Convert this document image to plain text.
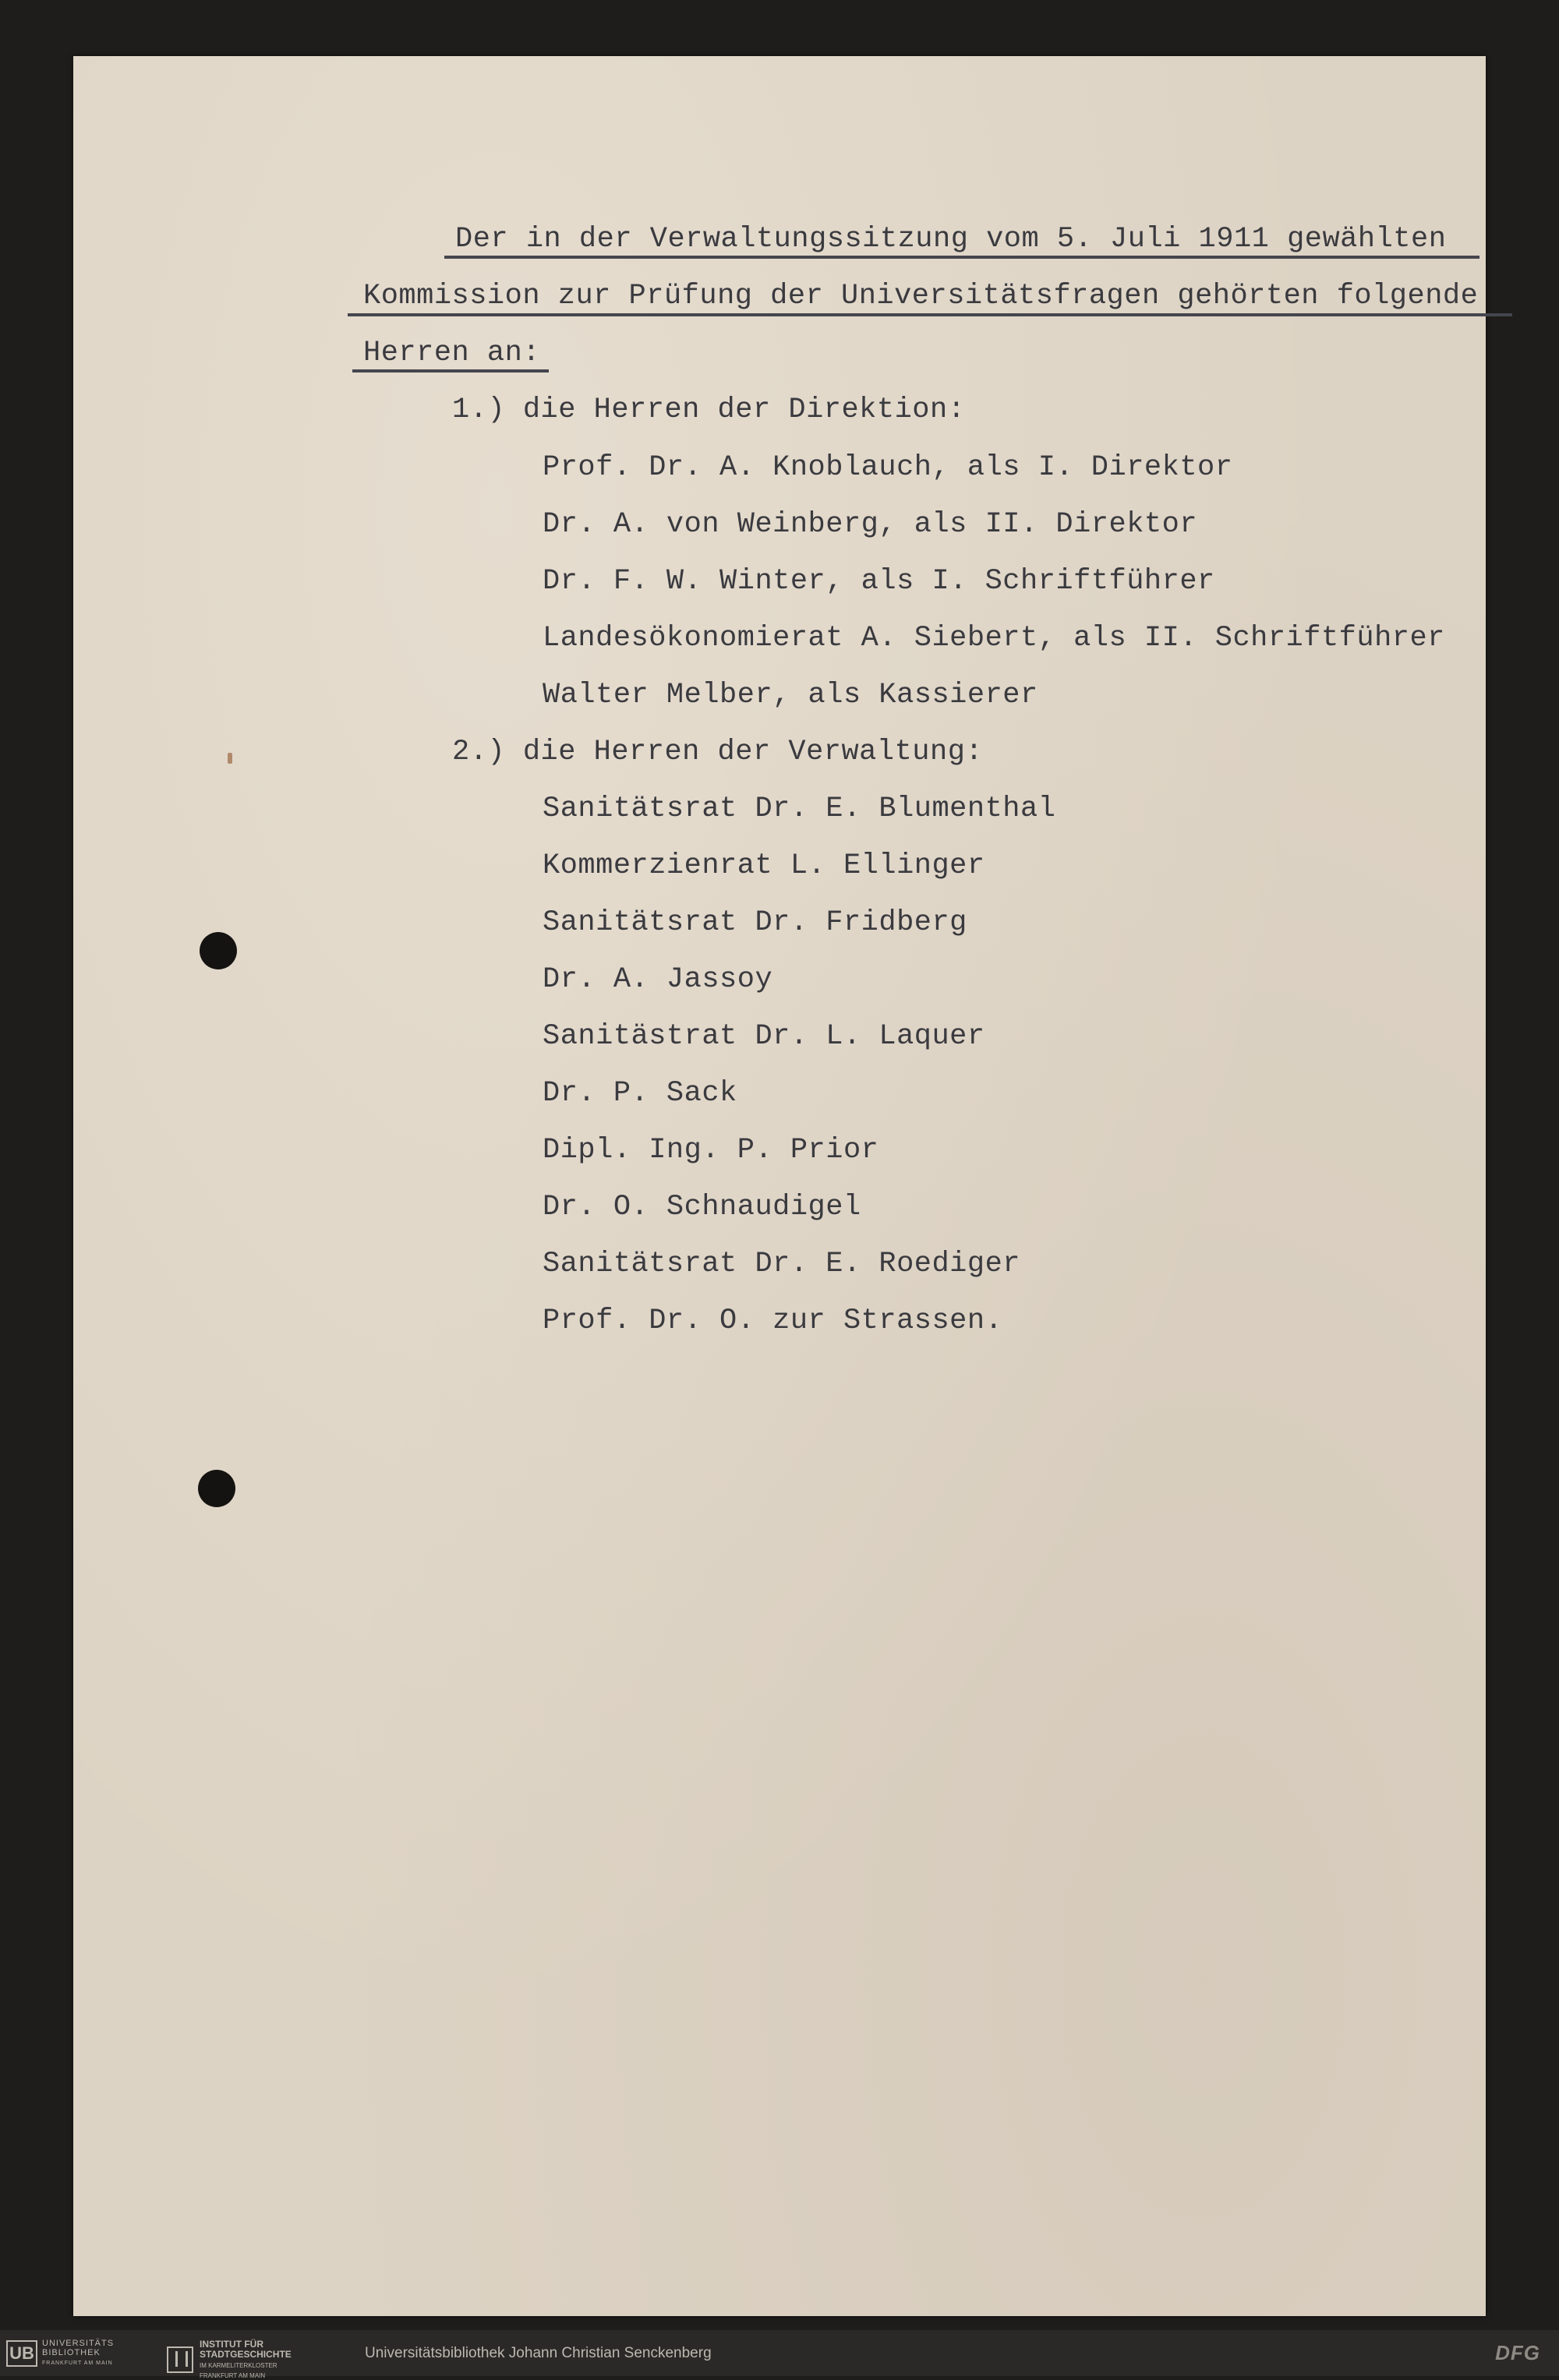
Der in der Verwaltungssitzung vom 5. Juli 1911 gewählten

Kommission zur Prüfung der Universitätsfragen gehörten folgende

Herren an:

1.) die Herren der Direktion:

Prof. Dr. A. Knoblauch, als I. Direktor

Dr. A. von Weinberg, als II. Direktor

Dr. F. W. Winter, als I. Schriftführer

Landesökonomierat A. Siebert, als II. Schriftführer

Walter Melber, als Kassierer

2.) die Herren der Verwaltung:

Sanitätsrat Dr. E. Blumenthal

Kommerzienrat L. Ellinger

Sanitätsrat Dr. Fridberg

Dr. A. Jassoy

Sanitästrat Dr. L. Laquer

Dr. P. Sack

Dipl. Ing. P. Prior

Dr. O. Schnaudigel

Sanitätsrat Dr. E. Roediger

Prof. Dr. O. zur Strassen.

UB UNIVERSITÄTS
BIBLIOTHEK
FRANKFURT AM MAIN
INSTITUT FÜR
STADTGESCHICHTE
IM KARMELITERKLOSTER
FRANKFURT AM MAIN
Universitätsbibliothek Johann Christian Senckenberg	DFG
